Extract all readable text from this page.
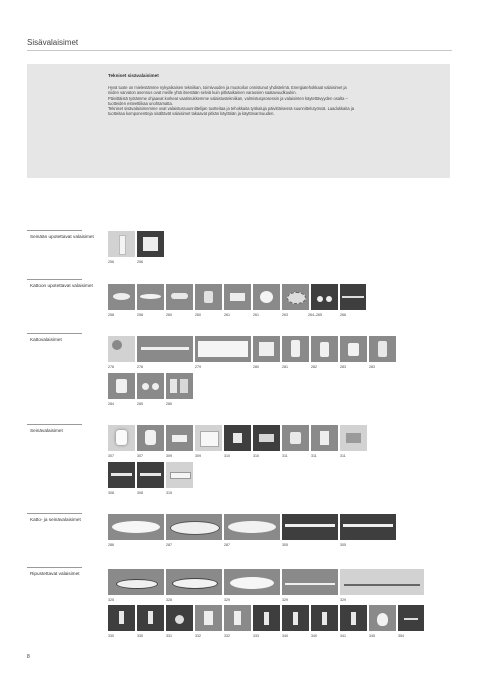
Sisävalaisimet
Tekniset sisävalaisimet

Hyvä tuote on mielestämme nykyaikaisen tekniikan, toimivuuden ja muotoilun onnistunut yhdistelmä. Energiatehokkaat valaisimet ja niiden varvaton asennus ovat meille yhtä itsestään selviä kuin pitkäaikainen varaosien saatavuudkuukin.

Päivittäistä työtämme ohjaavat korkeat vaatimukkemme valaistustekniikan, valmistusprosessin ja valaisinten käytettävyyden osalta – tuotteiden esteettiikaa unohtamatta.

Tekniset sisävalaisimemme ovat valaistussuunnittelijan tuotteitaa ja tehokkaita työkaluja päivittäisessä suunnittelutyössä. Laadukkaita ja tuotteitaa komponentteja sisältävät valaisimet takaavat pitkän käyttöiän ja käyttövarmuuden.

Seinään upotettavat valaisimet
256	256
Kattoon upotettavat valaisimet
258	258	260	260	261	261	263	264–265	266
Kattovalaisimet
278	278	279	280	281	282	283	283
284	285	285
Seinävalaisimet
307	307	309	309	310	310	311	311	311
308	308	315
Katto- ja seinävalaisimet
286	287	287	305	305
Ripustettavat valaisimet
325	328	329	329	329
330	330	331	332	332	333	340	340	341	345	354
8
